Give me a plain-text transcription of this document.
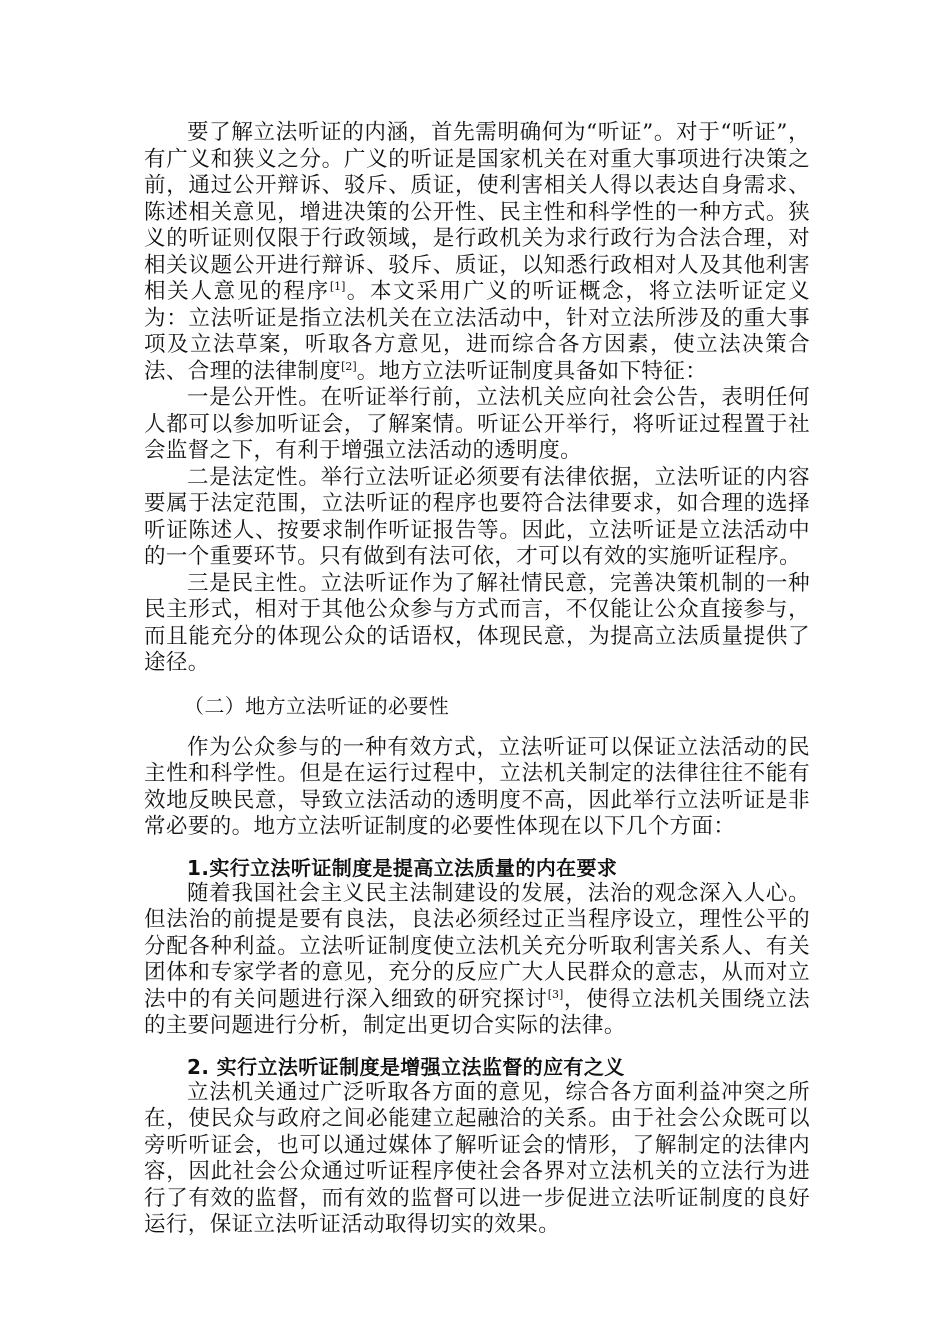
要了解立法听证的内涵，首先需明确何为“听证”。对于“听证”，有广义和狭义之分。广义的听证是国家机关在对重大事项进行决策之前，通过公开辩诉、驳斥、质证，使利害相关人得以表达自身需求、陈述相关意见，增进决策的公开性、民主性和科学性的一种方式。狭义的听证则仅限于行政领域，是行政机关为求行政行为合法合理，对相关议题公开进行辩诉、驳斥、质证，以知悉行政相对人及其他利害相关人意见的程序[1]。本文采用广义的听证概念，将立法听证定义为：立法听证是指立法机关在立法活动中，针对立法所涉及的重大事项及立法草案，听取各方意见，进而综合各方因素，使立法决策合法、合理的法律制度[2]。地方立法听证制度具备如下特征：

一是公开性。在听证举行前，立法机关应向社会公告，表明任何人都可以参加听证会，了解案情。听证公开举行，将听证过程置于社会监督之下，有利于增强立法活动的透明度。

二是法定性。举行立法听证必须要有法律依据，立法听证的内容要属于法定范围，立法听证的程序也要符合法律要求，如合理的选择听证陈述人、按要求制作听证报告等。因此，立法听证是立法活动中的一个重要环节。只有做到有法可依，才可以有效的实施听证程序。

三是民主性。立法听证作为了解社情民意，完善决策机制的一种民主形式，相对于其他公众参与方式而言，不仅能让公众直接参与，而且能充分的体现公众的话语权，体现民意，为提高立法质量提供了途径。

（二）地方立法听证的必要性

作为公众参与的一种有效方式，立法听证可以保证立法活动的民主性和科学性。但是在运行过程中，立法机关制定的法律往往不能有效地反映民意，导致立法活动的透明度不高，因此举行立法听证是非常必要的。地方立法听证制度的必要性体现在以下几个方面：

1.实行立法听证制度是提高立法质量的内在要求

随着我国社会主义民主法制建设的发展，法治的观念深入人心。但法治的前提是要有良法，良法必须经过正当程序设立，理性公平的分配各种利益。立法听证制度使立法机关充分听取利害关系人、有关团体和专家学者的意见，充分的反应广大人民群众的意志，从而对立法中的有关问题进行深入细致的研究探讨[3]，使得立法机关围绕立法的主要问题进行分析，制定出更切合实际的法律。

2. 实行立法听证制度是增强立法监督的应有之义

立法机关通过广泛听取各方面的意见，综合各方面利益冲突之所在，使民众与政府之间必能建立起融洽的关系。由于社会公众既可以旁听听证会，也可以通过媒体了解听证会的情形，了解制定的法律内容，因此社会公众通过听证程序使社会各界对立法机关的立法行为进行了有效的监督，而有效的监督可以进一步促进立法听证制度的良好运行，保证立法听证活动取得切实的效果。
